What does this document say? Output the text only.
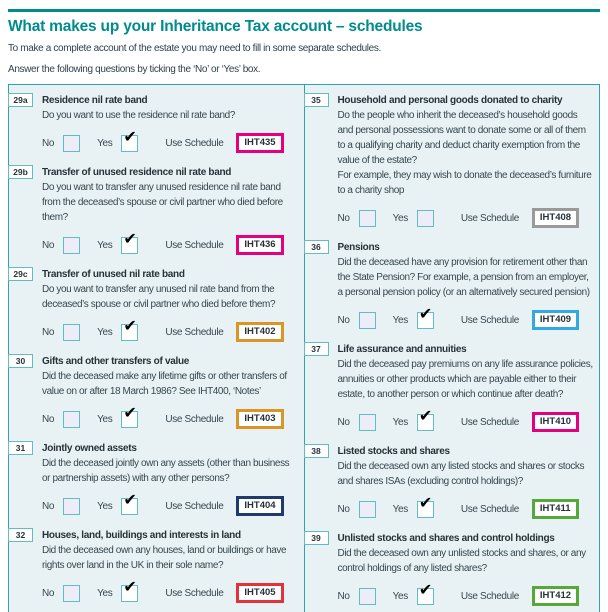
What makes up your Inheritance Tax account – schedules

To make a complete account of the estate you may need to fill in some separate schedules.

Answer the following questions by ticking the ‘No’ or ‘Yes’ box.

29a	Residence nil rate band

Do you want to use the residence nil rate band?

No	Yes ✔	Use Schedule	IHT435
29b	Transfer of unused residence nil rate band

Do you want to transfer any unused residence nil rate band from the deceased’s spouse or civil partner who died before them?

No	Yes ✔	Use Schedule	IHT436
29c	Transfer of unused nil rate band

Do you want to transfer any unused nil rate band from the deceased’s spouse or civil partner who died before them?

No	Yes ✔	Use Schedule	IHT402
30	Gifts and other transfers of value

Did the deceased make any lifetime gifts or other transfers of value on or after 18 March 1986? See IHT400, ‘Notes’

No	Yes ✔	Use Schedule	IHT403
31	Jointly owned assets

Did the deceased jointly own any assets (other than business or partnership assets) with any other persons?

No	Yes ✔	Use Schedule	IHT404
32	Houses, land, buildings and interests in land

Did the deceased own any houses, land or buildings or have rights over land in the UK in their sole name?

No	Yes ✔	Use Schedule	IHT405
35	Household and personal goods donated to charity

Do the people who inherit the deceased’s household goods and personal possessions want to donate some or all of them to a qualifying charity and deduct charity exemption from the value of the estate?

For example, they may wish to donate the deceased’s furniture to a charity shop

No	Yes	Use Schedule	IHT408
36	Pensions

Did the deceased have any provision for retirement other than the State Pension? For example, a pension from an employer, a personal pension policy (or an alternatively secured pension)

No	Yes ✔	Use Schedule	IHT409
37	Life assurance and annuities

Did the deceased pay premiums on any life assurance policies, annuities or other products which are payable either to their estate, to another person or which continue after death?

No	Yes ✔	Use Schedule	IHT410
38	Listed stocks and shares

Did the deceased own any listed stocks and shares or stocks and shares ISAs (excluding control holdings)?

No	Yes ✔	Use Schedule	IHT411
39	Unlisted stocks and shares and control holdings

Did the deceased own any unlisted stocks and shares, or any control holdings of any listed shares?

No	Yes ✔	Use Schedule	IHT412
